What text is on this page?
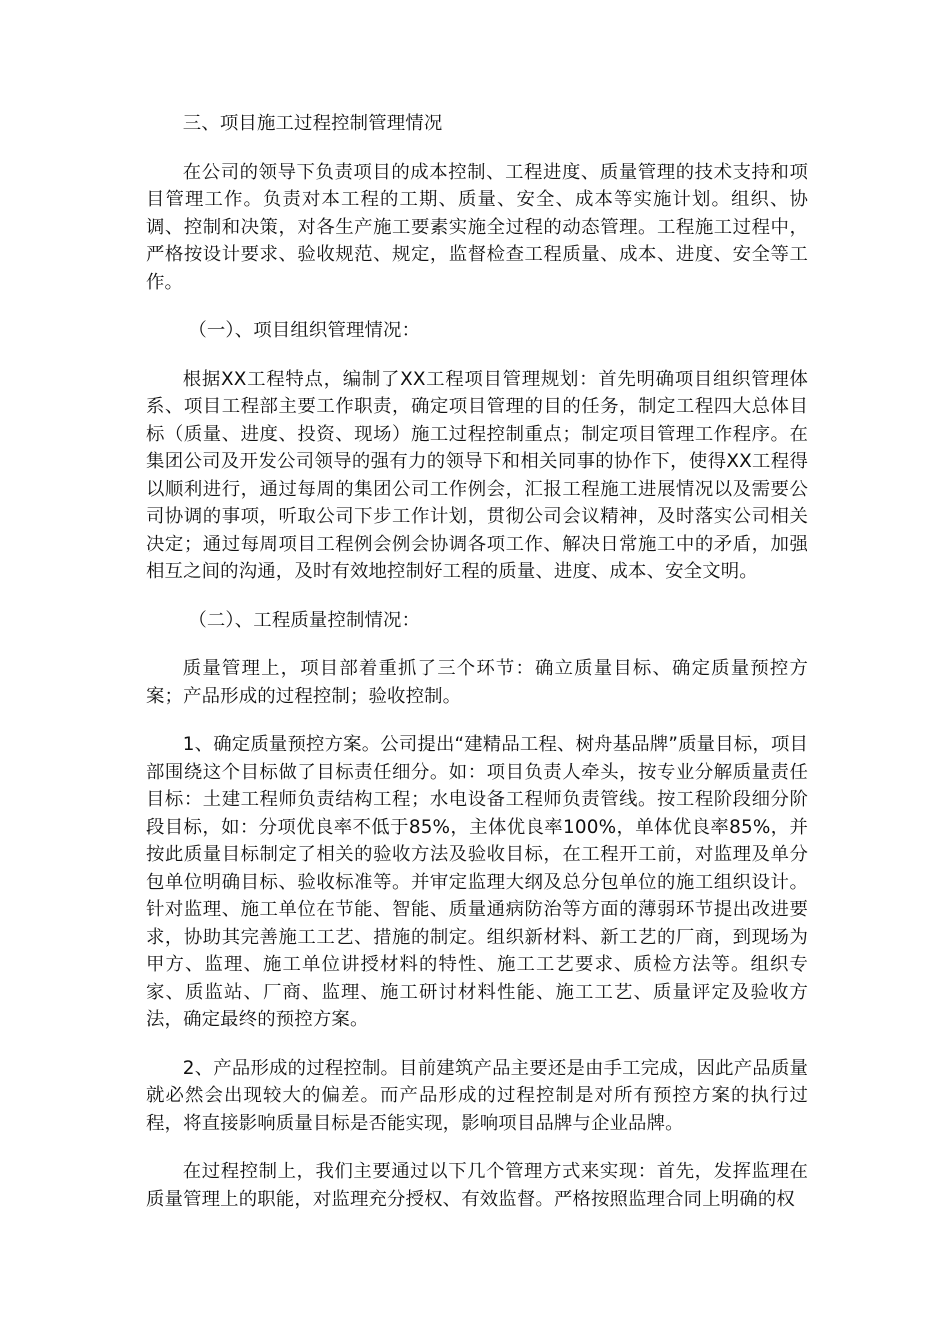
三、项目施工过程控制管理情况

在公司的领导下负责项目的成本控制、工程进度、质量管理的技术支持和项目管理工作。负责对本工程的工期、质量、安全、成本等实施计划。组织、协调、控制和决策，对各生产施工要素实施全过程的动态管理。工程施工过程中，严格按设计要求、验收规范、规定，监督检查工程质量、成本、进度、安全等工作。

（一）、项目组织管理情况：

根据XX工程特点，编制了XX工程项目管理规划：首先明确项目组织管理体系、项目工程部主要工作职责，确定项目管理的目的任务，制定工程四大总体目标（质量、进度、投资、现场）施工过程控制重点；制定项目管理工作程序。在集团公司及开发公司领导的强有力的领导下和相关同事的协作下，使得XX工程得以顺利进行，通过每周的集团公司工作例会，汇报工程施工进展情况以及需要公司协调的事项，听取公司下步工作计划，贯彻公司会议精神，及时落实公司相关决定；通过每周项目工程例会例会协调各项工作、解决日常施工中的矛盾，加强相互之间的沟通，及时有效地控制好工程的质量、进度、成本、安全文明。

（二）、工程质量控制情况：

质量管理上，项目部着重抓了三个环节：确立质量目标、确定质量预控方案；产品形成的过程控制；验收控制。

1、确定质量预控方案。公司提出“建精品工程、树舟基品牌”质量目标，项目部围绕这个目标做了目标责任细分。如：项目负责人牵头，按专业分解质量责任目标：土建工程师负责结构工程；水电设备工程师负责管线。按工程阶段细分阶段目标，如：分项优良率不低于85%，主体优良率100%，单体优良率85%，并按此质量目标制定了相关的验收方法及验收目标，在工程开工前，对监理及单分包单位明确目标、验收标准等。并审定监理大纲及总分包单位的施工组织设计。针对监理、施工单位在节能、智能、质量通病防治等方面的薄弱环节提出改进要求，协助其完善施工工艺、措施的制定。组织新材料、新工艺的厂商，到现场为甲方、监理、施工单位讲授材料的特性、施工工艺要求、质检方法等。组织专家、质监站、厂商、监理、施工研讨材料性能、施工工艺、质量评定及验收方法，确定最终的预控方案。

2、产品形成的过程控制。目前建筑产品主要还是由手工完成，因此产品质量就必然会出现较大的偏差。而产品形成的过程控制是对所有预控方案的执行过程，将直接影响质量目标是否能实现，影响项目品牌与企业品牌。

在过程控制上，我们主要通过以下几个管理方式来实现：首先，发挥监理在质量管理上的职能，对监理充分授权、有效监督。严格按照监理合同上明确的权
